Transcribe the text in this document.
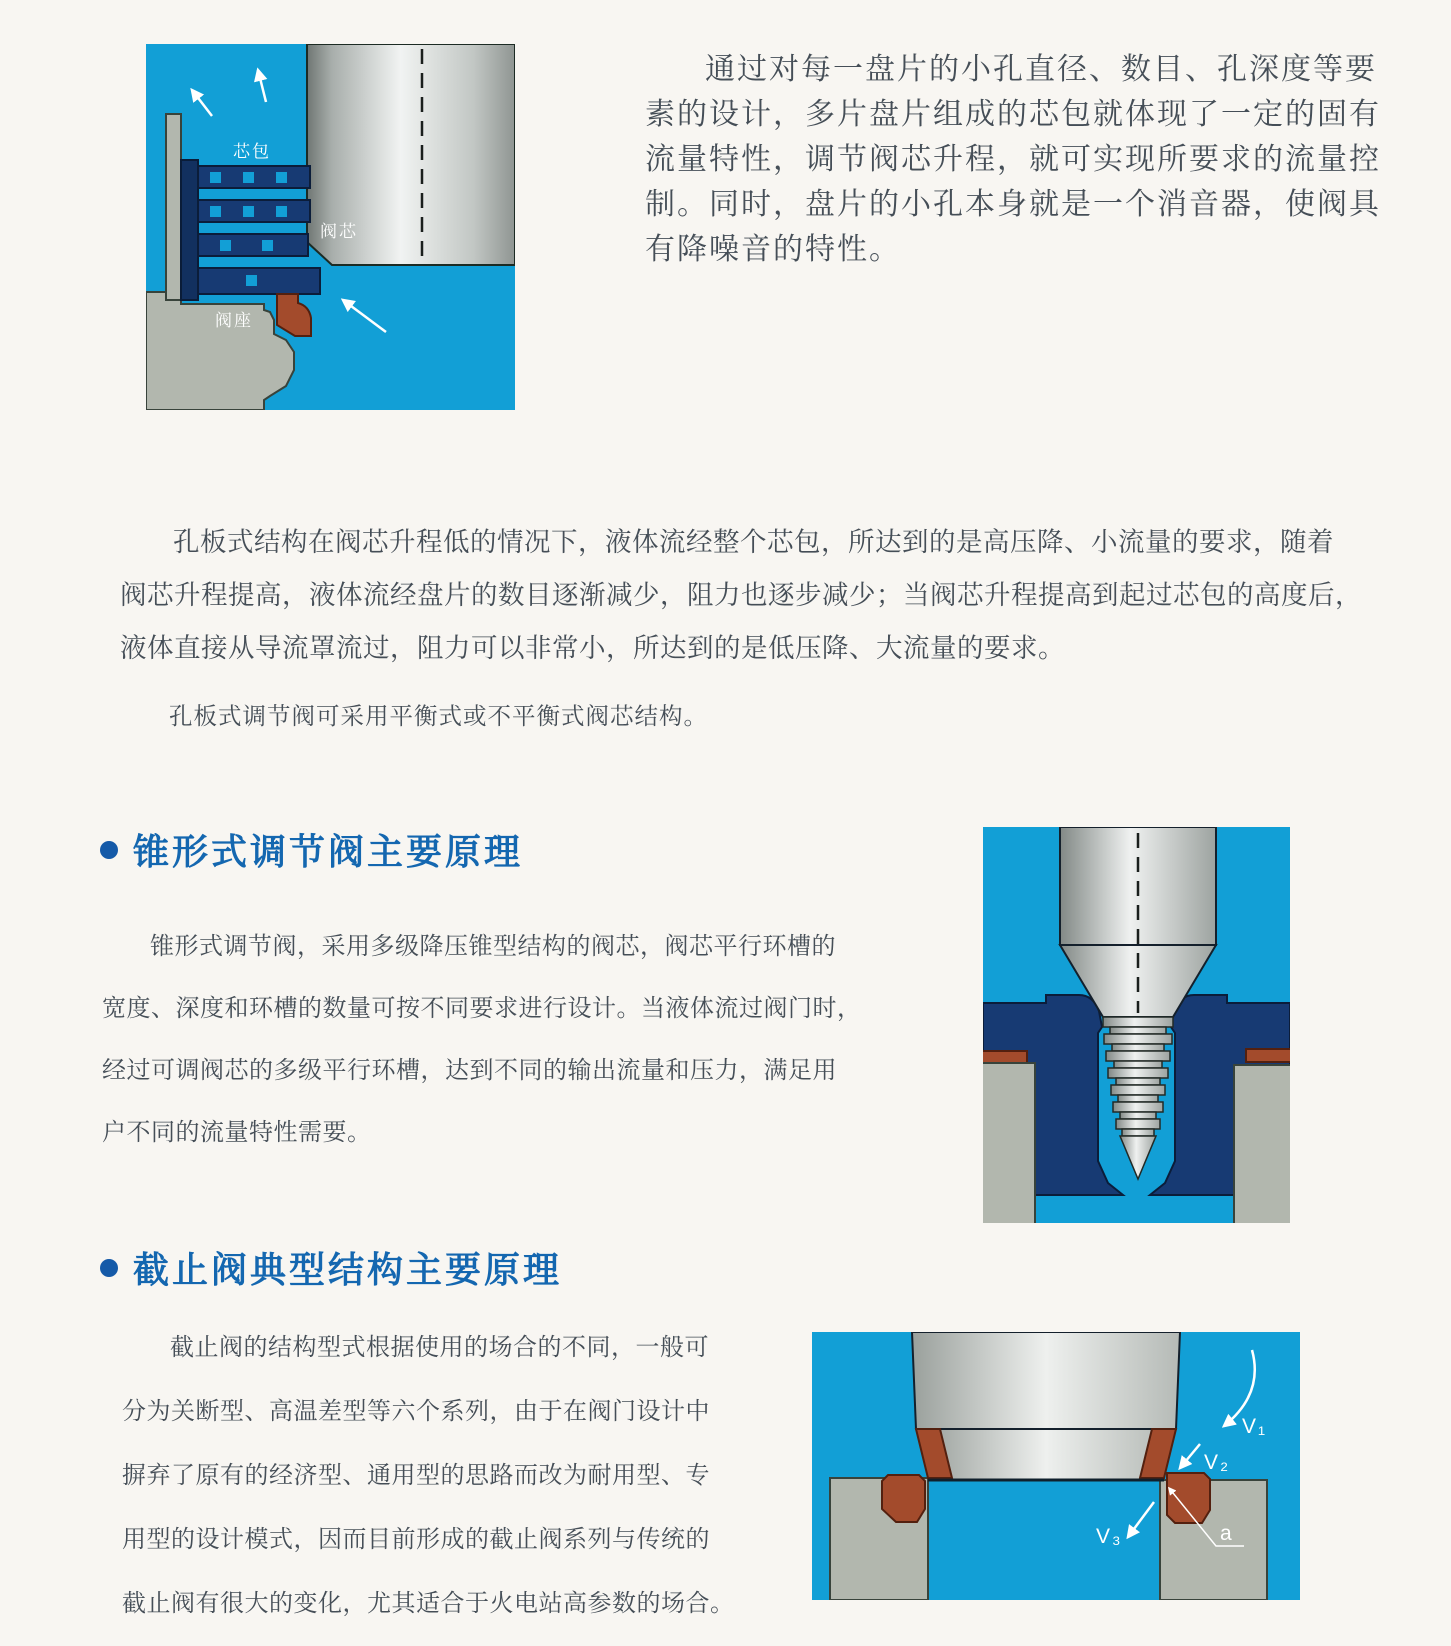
芯包
阀芯
阀座
通过对每一盘片的小孔直径、数目、孔深度等要
素的设计，多片盘片组成的芯包就体现了一定的固有
流量特性，调节阀芯升程，就可实现所要求的流量控
制。同时，盘片的小孔本身就是一个消音器，使阀具
有降噪音的特性。
孔板式结构在阀芯升程低的情况下，液体流经整个芯包，所达到的是高压降、小流量的要求，随着
阀芯升程提高，液体流经盘片的数目逐渐减少，阻力也逐步减少；当阀芯升程提高到起过芯包的高度后，
液体直接从导流罩流过，阻力可以非常小，所达到的是低压降、大流量的要求。
孔板式调节阀可采用平衡式或不平衡式阀芯结构。
锥形式调节阀主要原理
锥形式调节阀，采用多级降压锥型结构的阀芯，阀芯平行环槽的
宽度、深度和环槽的数量可按不同要求进行设计。当液体流过阀门时，
经过可调阀芯的多级平行环槽，达到不同的输出流量和压力，满足用
户不同的流量特性需要。
截止阀典型结构主要原理
截止阀的结构型式根据使用的场合的不同，一般可
分为关断型、高温差型等六个系列，由于在阀门设计中
摒弃了原有的经济型、通用型的思路而改为耐用型、专
用型的设计模式，因而目前形成的截止阀系列与传统的
截止阀有很大的变化，尤其适合于火电站高参数的场合。
V₁
V₂
V₃	a
